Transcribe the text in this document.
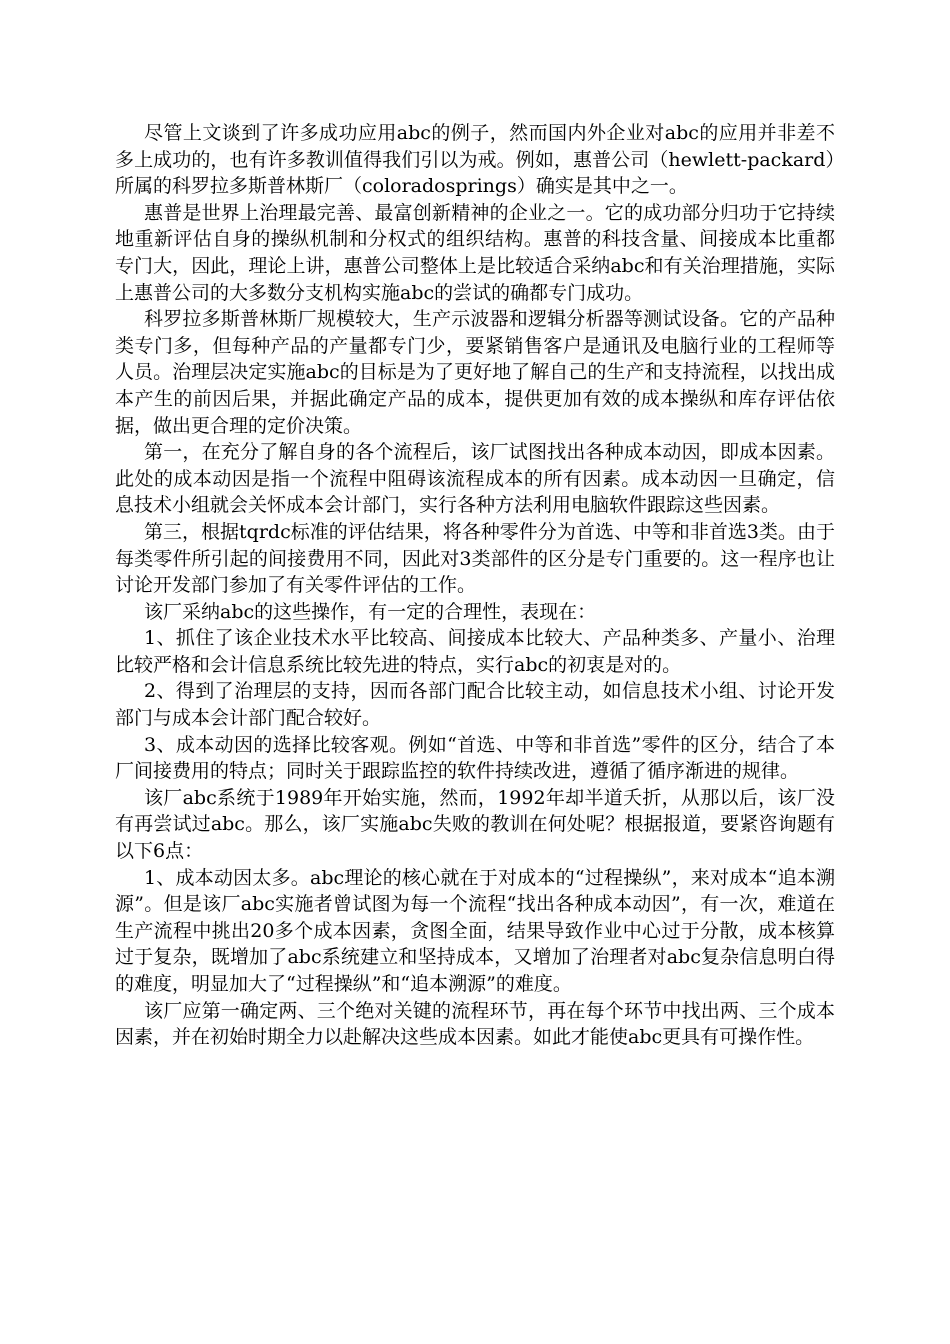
尽管上文谈到了许多成功应用abc的例子，然而国内外企业对abc的应用并非差不多上成功的，也有许多教训值得我们引以为戒。例如，惠普公司（hewlett-packard）所属的科罗拉多斯普林斯厂（coloradosprings）确实是其中之一。

惠普是世界上治理最完善、最富创新精神的企业之一。它的成功部分归功于它持续地重新评估自身的操纵机制和分权式的组织结构。惠普的科技含量、间接成本比重都专门大，因此，理论上讲，惠普公司整体上是比较适合采纳abc和有关治理措施，实际上惠普公司的大多数分支机构实施abc的尝试的确都专门成功。

科罗拉多斯普林斯厂规模较大，生产示波器和逻辑分析器等测试设备。它的产品种类专门多，但每种产品的产量都专门少，要紧销售客户是通讯及电脑行业的工程师等人员。治理层决定实施abc的目标是为了更好地了解自己的生产和支持流程，以找出成本产生的前因后果，并据此确定产品的成本，提供更加有效的成本操纵和库存评估依据，做出更合理的定价决策。

第一，在充分了解自身的各个流程后，该厂试图找出各种成本动因，即成本因素。此处的成本动因是指一个流程中阻碍该流程成本的所有因素。成本动因一旦确定，信息技术小组就会关怀成本会计部门，实行各种方法利用电脑软件跟踪这些因素。

第三，根据tqrdc标准的评估结果，将各种零件分为首选、中等和非首选3类。由于每类零件所引起的间接费用不同，因此对3类部件的区分是专门重要的。这一程序也让讨论开发部门参加了有关零件评估的工作。

该厂采纳abc的这些操作，有一定的合理性，表现在：

1、抓住了该企业技术水平比较高、间接成本比较大、产品种类多、产量小、治理比较严格和会计信息系统比较先进的特点，实行abc的初衷是对的。

2、得到了治理层的支持，因而各部门配合比较主动，如信息技术小组、讨论开发部门与成本会计部门配合较好。

3、成本动因的选择比较客观。例如“首选、中等和非首选”零件的区分，结合了本厂间接费用的特点；同时关于跟踪监控的软件持续改进，遵循了循序渐进的规律。

该厂abc系统于1989年开始实施，然而，1992年却半道夭折，从那以后，该厂没有再尝试过abc。那么，该厂实施abc失败的教训在何处呢？根据报道，要紧咨询题有以下6点：

1、成本动因太多。abc理论的核心就在于对成本的“过程操纵”，来对成本“追本溯源”。但是该厂abc实施者曾试图为每一个流程“找出各种成本动因”，有一次，难道在生产流程中挑出20多个成本因素，贪图全面，结果导致作业中心过于分散，成本核算过于复杂，既增加了abc系统建立和坚持成本，又增加了治理者对abc复杂信息明白得的难度，明显加大了“过程操纵”和“追本溯源”的难度。

该厂应第一确定两、三个绝对关键的流程环节，再在每个环节中找出两、三个成本因素，并在初始时期全力以赴解决这些成本因素。如此才能使abc更具有可操作性。
